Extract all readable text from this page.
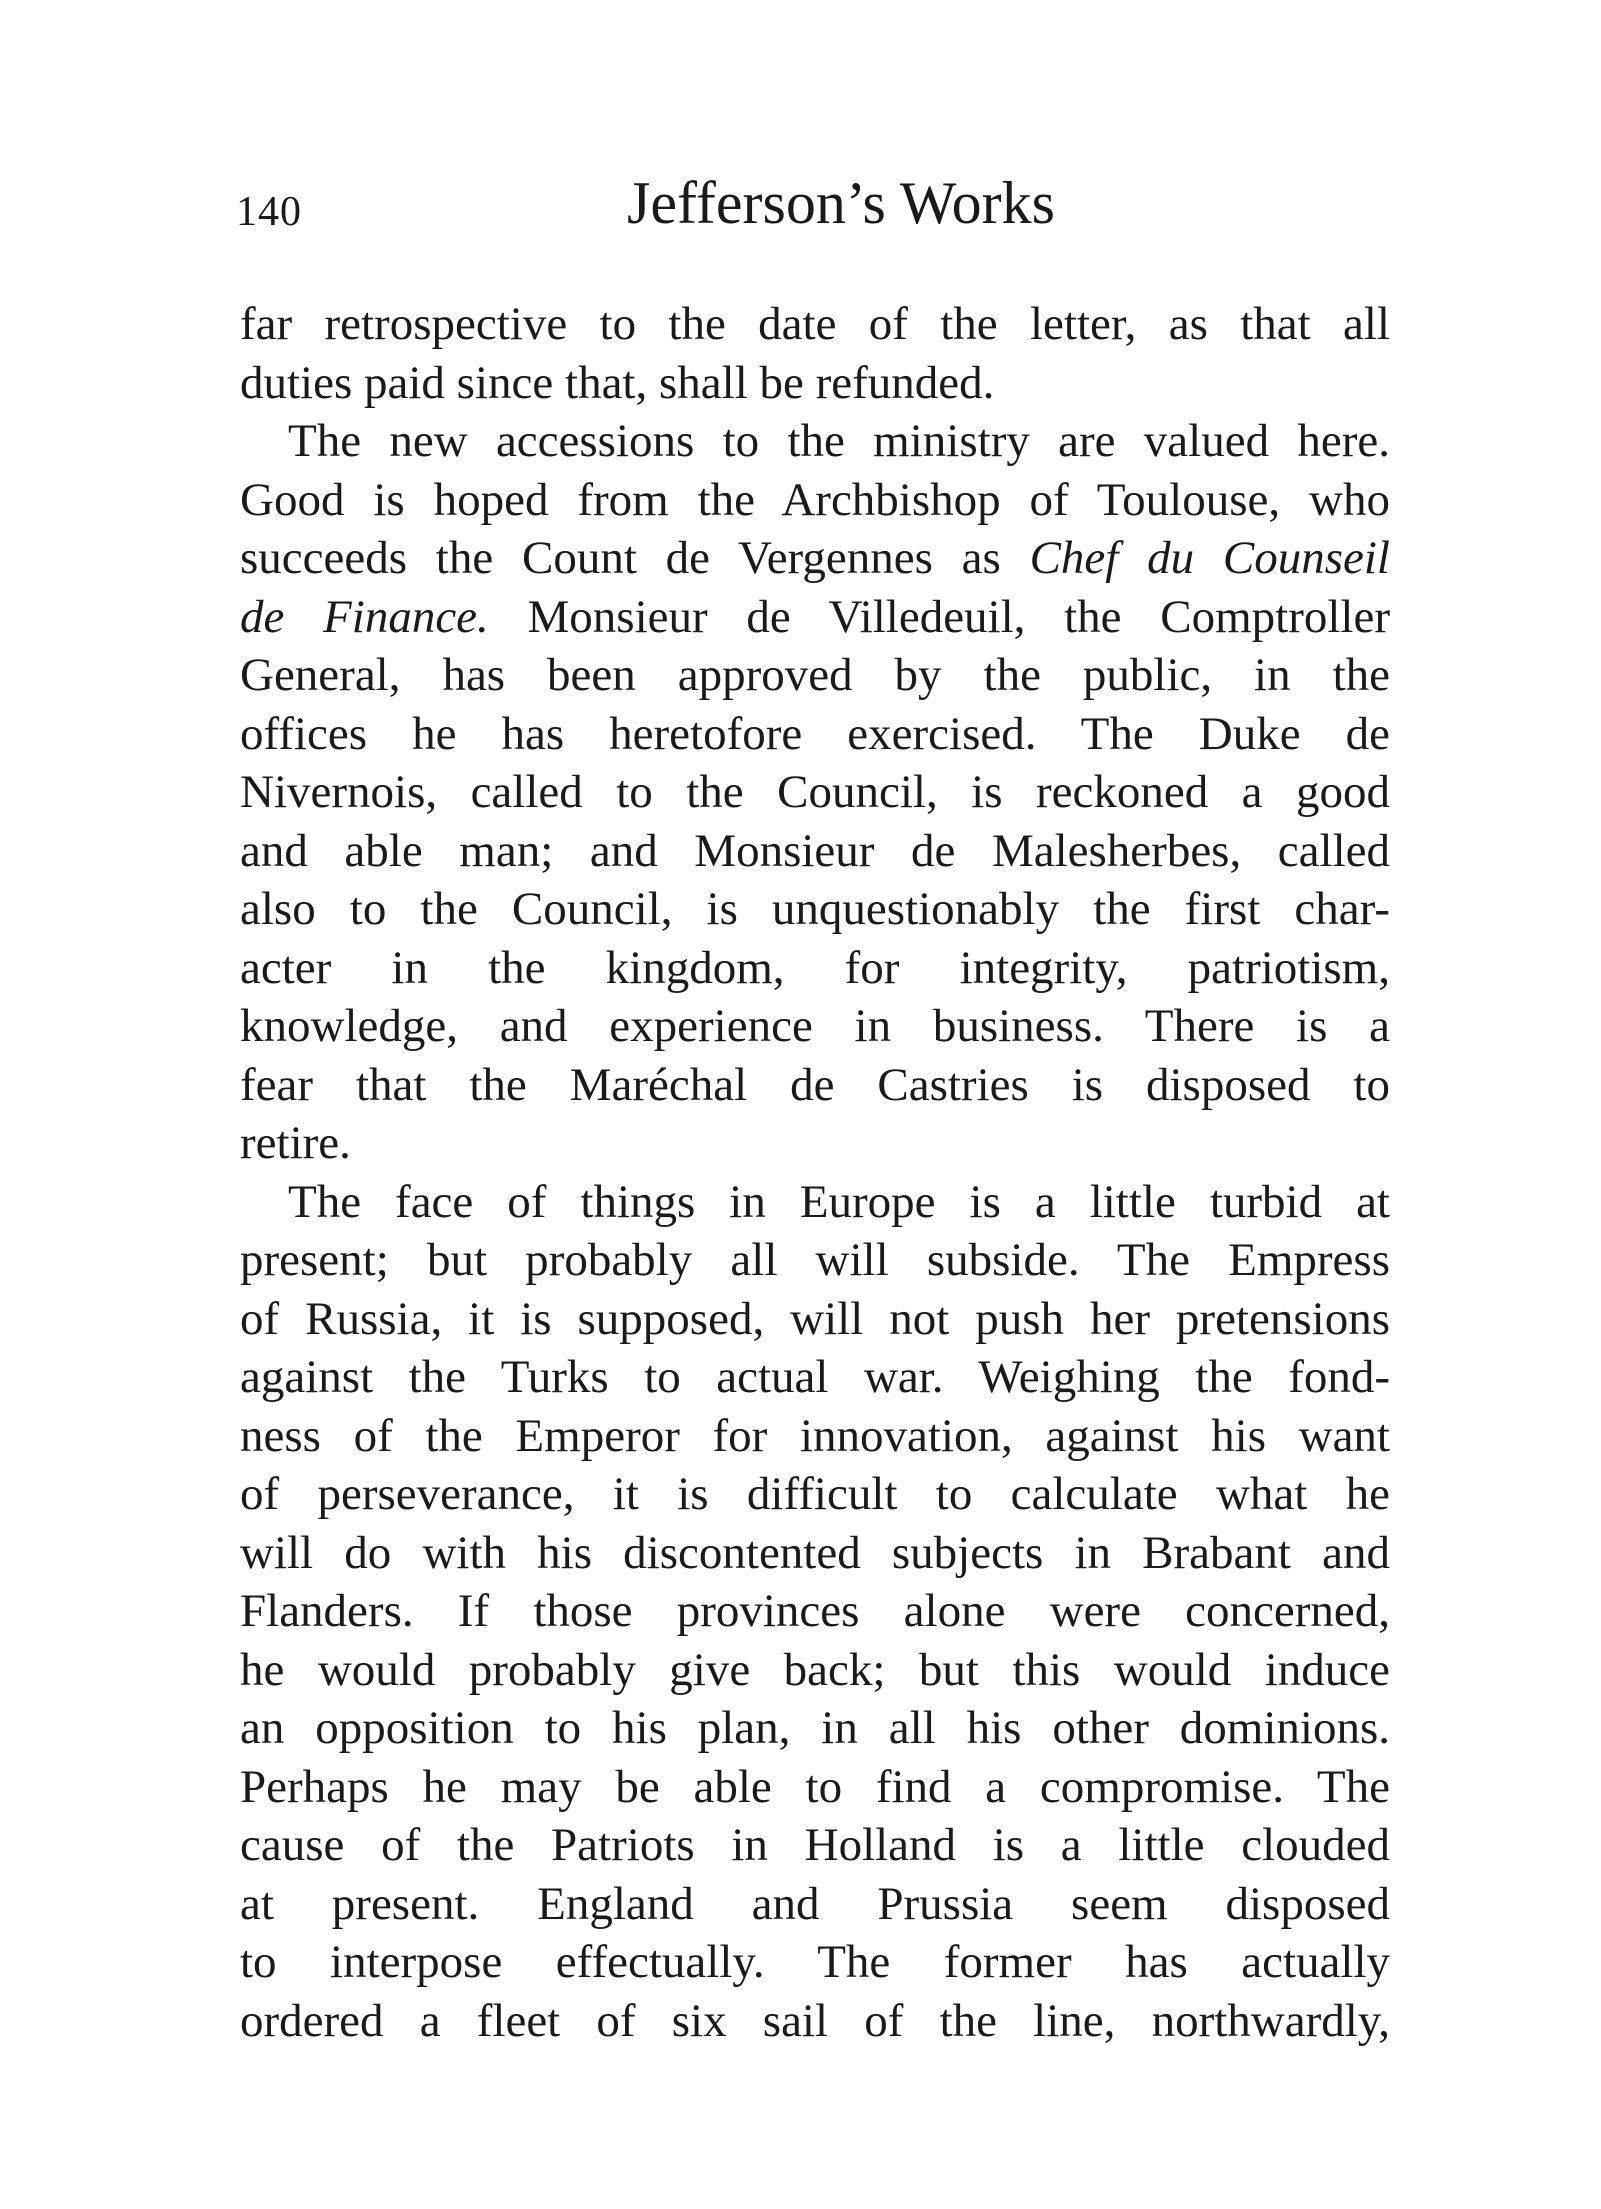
140	Jefferson’s Works
far retrospective to the date of the letter, as that all
duties paid since that, shall be refunded.
The new accessions to the ministry are valued here.
Good is hoped from the Archbishop of Toulouse, who
succeeds the Count de Vergennes as Chef du Counseil
de Finance. Monsieur de Villedeuil, the Comptroller
General, has been approved by the public, in the
offices he has heretofore exercised. The Duke de
Nivernois, called to the Council, is reckoned a good
and able man; and Monsieur de Malesherbes, called
also to the Council, is unquestionably the first char-
acter in the kingdom, for integrity, patriotism,
knowledge, and experience in business. There is a
fear that the Maréchal de Castries is disposed to
retire.
The face of things in Europe is a little turbid at
present; but probably all will subside. The Empress
of Russia, it is supposed, will not push her pretensions
against the Turks to actual war. Weighing the fond-
ness of the Emperor for innovation, against his want
of perseverance, it is difficult to calculate what he
will do with his discontented subjects in Brabant and
Flanders. If those provinces alone were concerned,
he would probably give back; but this would induce
an opposition to his plan, in all his other dominions.
Perhaps he may be able to find a compromise. The
cause of the Patriots in Holland is a little clouded
at present. England and Prussia seem disposed
to interpose effectually. The former has actually
ordered a fleet of six sail of the line, northwardly,
